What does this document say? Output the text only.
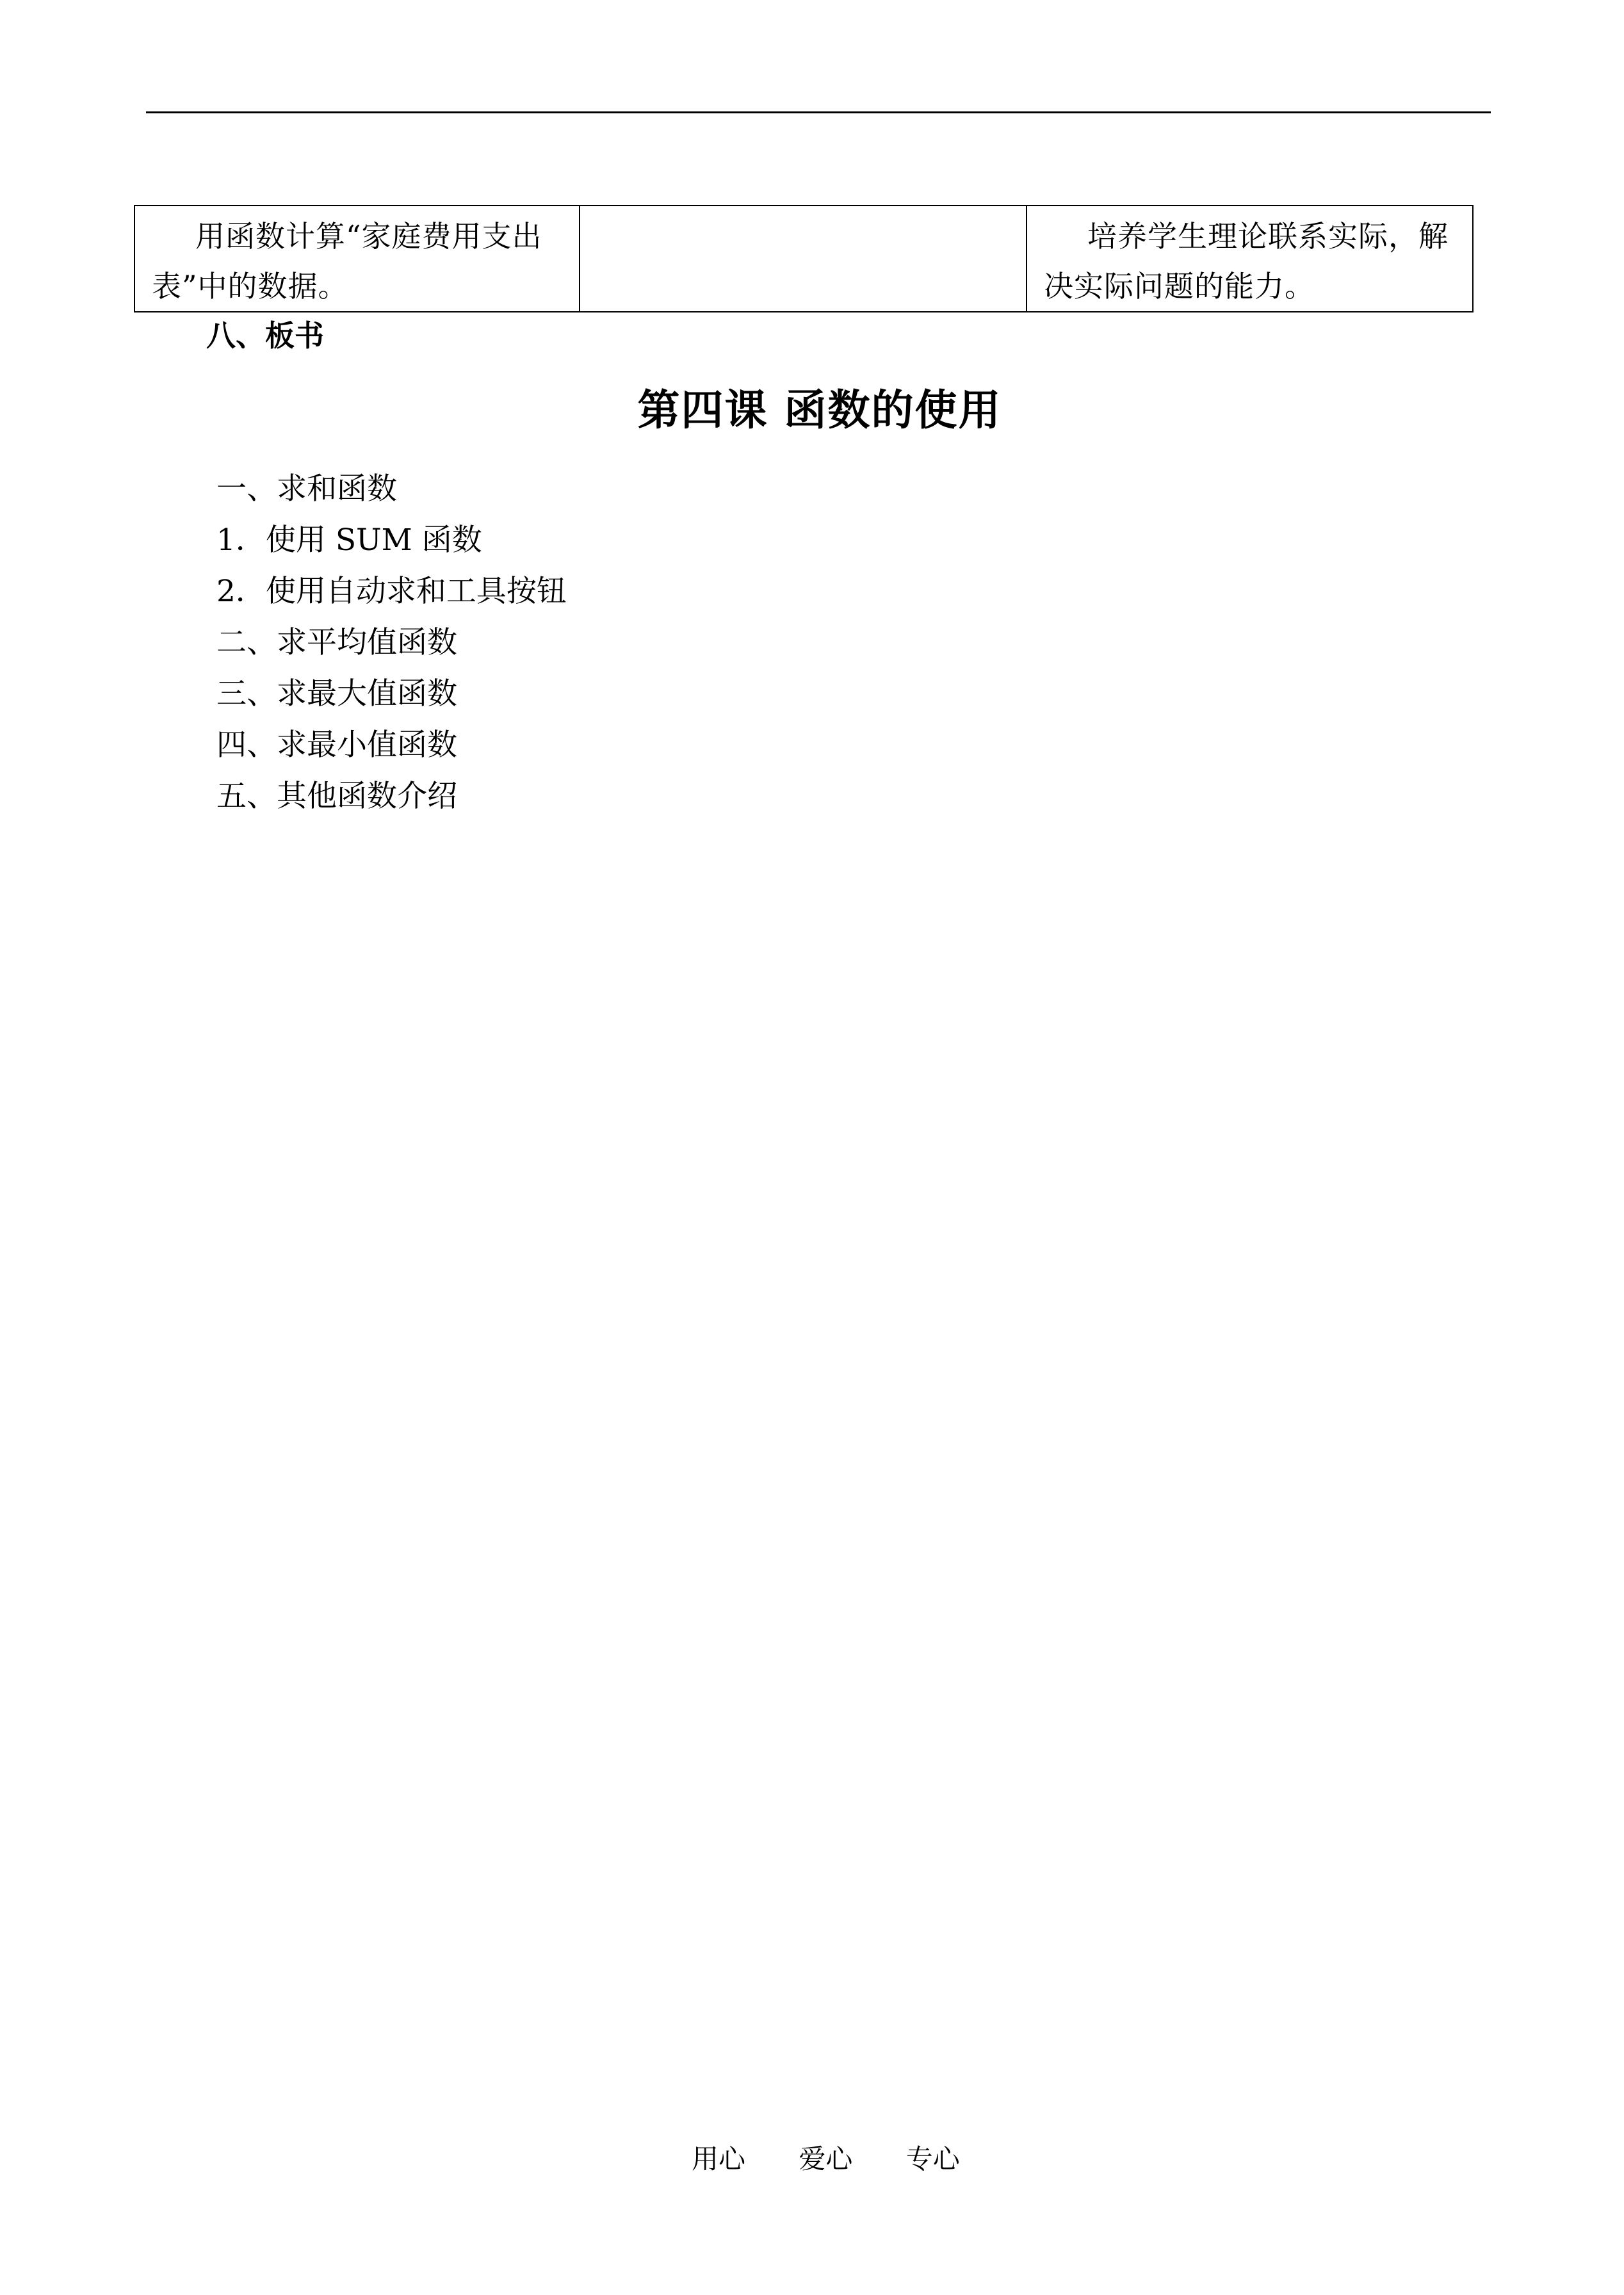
用函数计算“家庭费用支出表”中的数据。		培养学生理论联系实际，解决实际问题的能力。

八、板书

第四课 函数的使用
一、求和函数
1．使用 SUM 函数
2．使用自动求和工具按钮
二、求平均值函数
三、求最大值函数
四、求最小值函数
五、其他函数介绍
用心 爱心 专心
